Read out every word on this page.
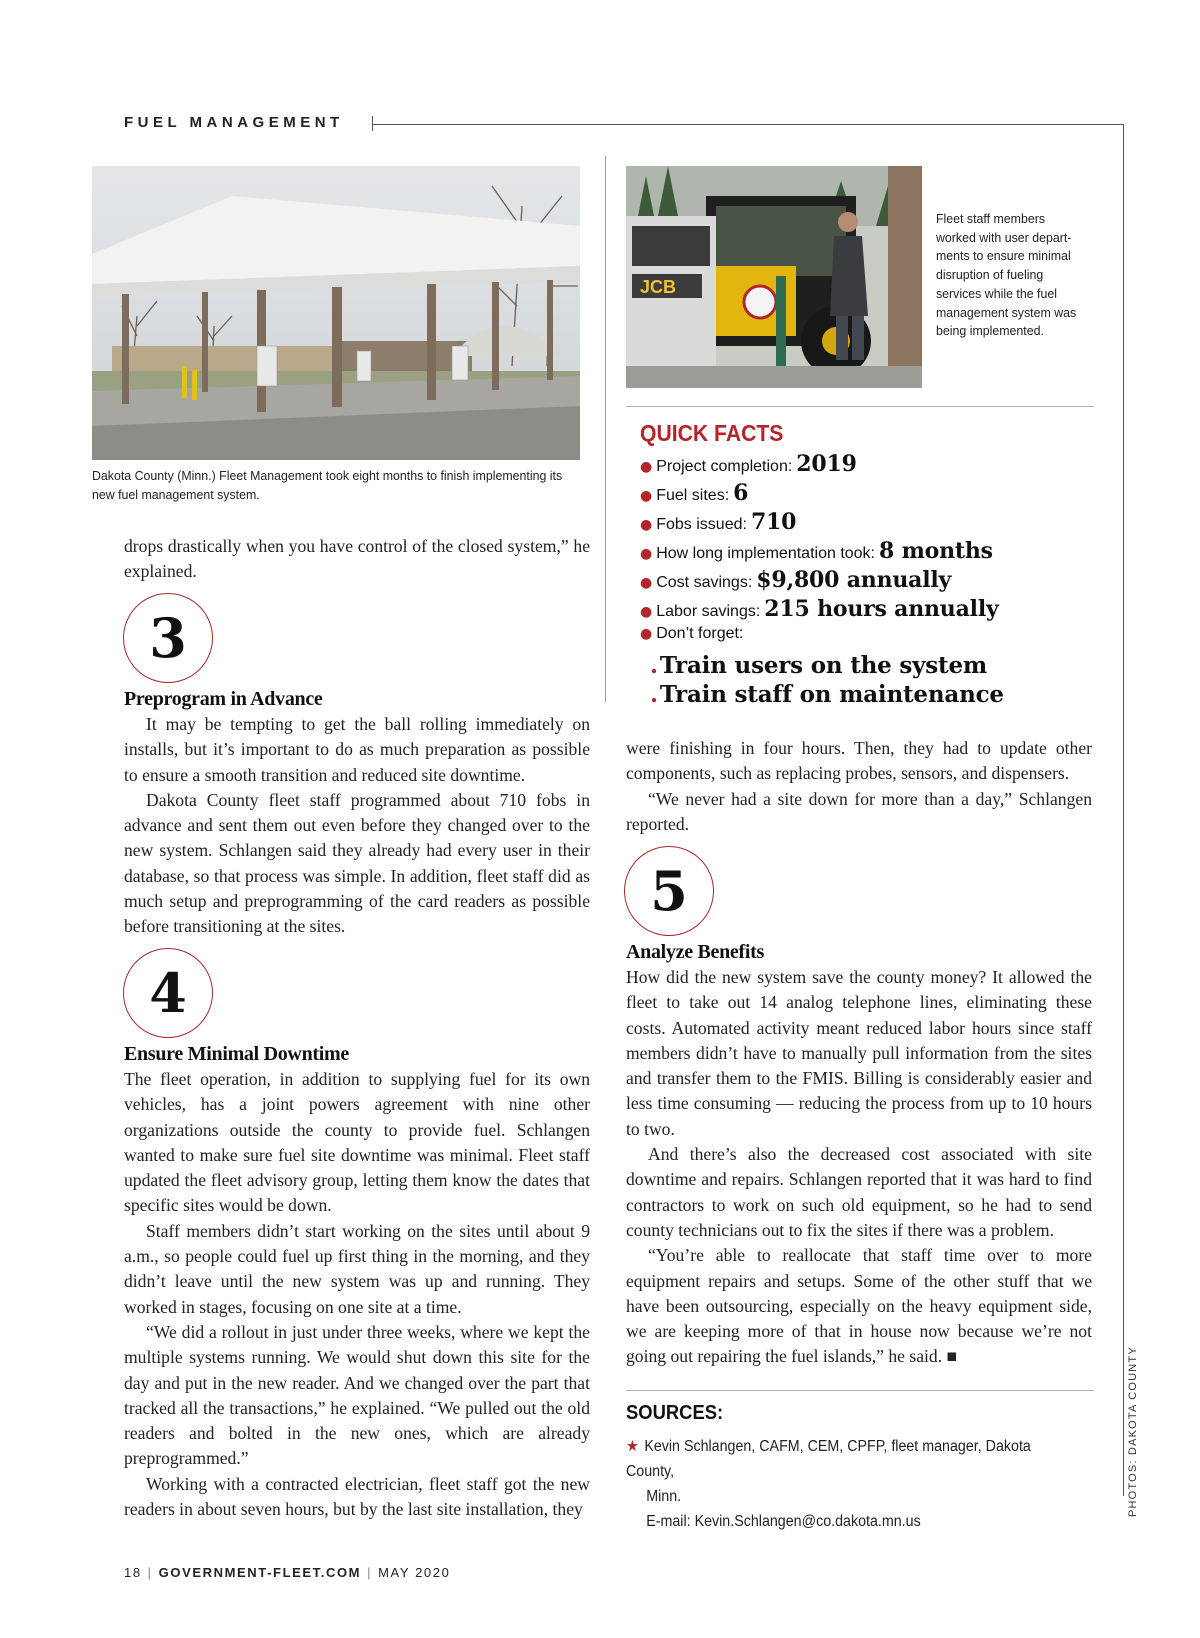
FUEL MANAGEMENT
Dakota County (Minn.) Fleet Management took eight months to finish implementing its
new fuel management system.
JCB
Fleet staff members
worked with user depart-
ments to ensure minimal
disruption of fueling
services while the fuel
management system was
being implemented.

drops drastically when you have control of the closed system,” he explained.

3
Preprogram in Advance

It may be tempting to get the ball rolling immediately on installs, but it’s important to do as much preparation as possible to ensure a smooth transition and reduced site downtime.

Dakota County fleet staff programmed about 710 fobs in advance and sent them out even before they changed over to the new system. Schlangen said they already had every user in their database, so that process was simple. In addition, fleet staff did as much setup and preprogramming of the card readers as possible before transitioning at the sites.

4
Ensure Minimal Downtime

The fleet operation, in addition to supplying fuel for its own vehicles, has a joint powers agreement with nine other organizations outside the county to provide fuel. Schlangen wanted to make sure fuel site downtime was minimal. Fleet staff updated the fleet advisory group, letting them know the dates that specific sites would be down.

Staff members didn’t start working on the sites until about 9 a.m., so people could fuel up first thing in the morning, and they didn’t leave until the new system was up and running. They worked in stages, focusing on one site at a time.

“We did a rollout in just under three weeks, where we kept the multiple systems running. We would shut down this site for the day and put in the new reader. And we changed over the part that tracked all the transactions,” he explained. “We pulled out the old readers and bolted in the new ones, which are already preprogrammed.”

Working with a contracted electrician, fleet staff got the new readers in about seven hours, but by the last site installation, they

QUICK FACTS
● Project completion: 2019
● Fuel sites: 6
● Fobs issued: 710
● How long implementation took: 8 months
● Cost savings: $9,800 annually
● Labor savings: 215 hours annually
● Don’t forget:
.Train users on the system
.Train staff on maintenance

were finishing in four hours. Then, they had to update other components, such as replacing probes, sensors, and dispensers.

“We never had a site down for more than a day,” Schlangen reported.

5
Analyze Benefits

How did the new system save the county money? It allowed the fleet to take out 14 analog telephone lines, eliminating these costs. Automated activity meant reduced labor hours since staff members didn’t have to manually pull information from the sites and transfer them to the FMIS. Billing is considerably easier and less time consuming — reducing the process from up to 10 hours to two.

And there’s also the decreased cost associated with site downtime and repairs. Schlangen reported that it was hard to find contractors to work on such old equipment, so he had to send county technicians out to fix the sites if there was a problem.

“You’re able to reallocate that staff time over to more equipment repairs and setups. Some of the other stuff that we have been outsourcing, especially on the heavy equipment side, we are keeping more of that in house now because we’re not going out repairing the fuel islands,” he said. ■

SOURCES:
★ Kevin Schlangen, CAFM, CEM, CPFP, fleet manager, Dakota County,
Minn.
E-mail: Kevin.Schlangen@co.dakota.mn.us
PHOTOS: DAKOTA COUNTY
18 | GOVERNMENT-FLEET.COM | MAY 2020
